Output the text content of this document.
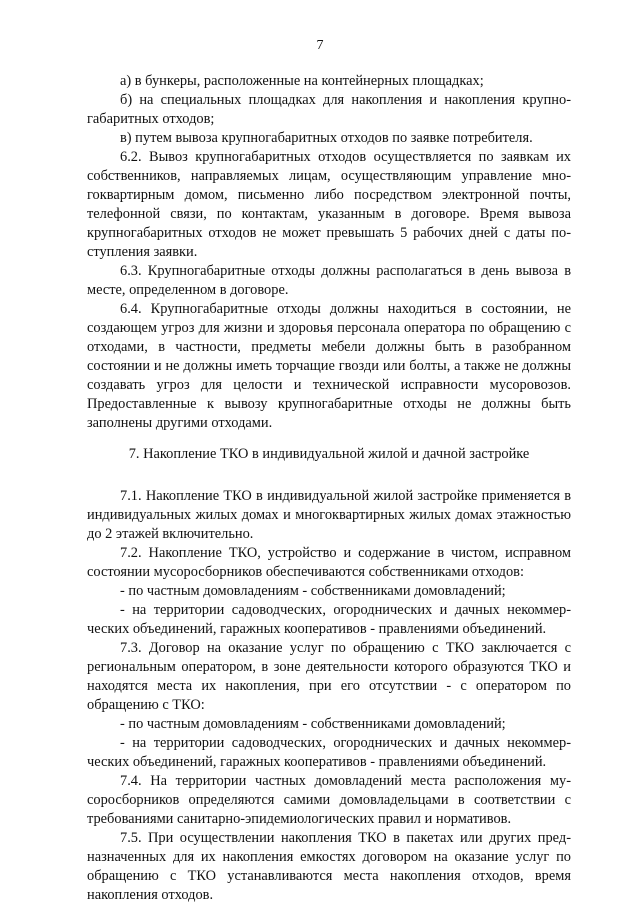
7

а) в бункеры, расположенные на контейнерных площадках;

б) на специальных площадках для накопления и накопления крупногабаритных отходов;

в) путем вывоза крупногабаритных отходов по заявке потребителя.

6.2. Вывоз крупногабаритных отходов осуществляется по заявкам их собственников, направляемых лицам, осуществляющим управление многоквартирным домом, письменно либо посредством электронной почты, телефонной связи, по контактам, указанным в договоре. Время вывоза крупногабаритных отходов не может превышать 5 рабочих дней с даты поступления заявки.

6.3. Крупногабаритные отходы должны располагаться в день вывоза в месте, определенном в договоре.

6.4. Крупногабаритные отходы должны находиться в состоянии, не создающем угроз для жизни и здоровья персонала оператора по обращению с отходами, в частности, предметы мебели должны быть в разобранном состоянии и не должны иметь торчащие гвозди или болты, а также не должны создавать угроз для целости и технической исправности мусоровозов. Предоставленные к вывозу крупногабаритные отходы не должны быть заполнены другими отходами.

7. Накопление ТКО в индивидуальной жилой и дачной застройке

7.1. Накопление ТКО в индивидуальной жилой застройке применяется в индивидуальных жилых домах и многоквартирных жилых домах этажностью до 2 этажей включительно.

7.2. Накопление ТКО, устройство и содержание в чистом, исправном состоянии мусоросборников обеспечиваются собственниками отходов:

- по частным домовладениям - собственниками домовладений;

- на территории садоводческих, огороднических и дачных некоммерческих объединений, гаражных кооперативов - правлениями объединений.

7.3. Договор на оказание услуг по обращению с ТКО заключается с региональным оператором, в зоне деятельности которого образуются ТКО и находятся места их накопления, при его отсутствии - с оператором по обращению с ТКО:

- по частным домовладениям - собственниками домовладений;

- на территории садоводческих, огороднических и дачных некоммерческих объединений, гаражных кооперативов - правлениями объединений.

7.4. На территории частных домовладений места расположения мусоросборников определяются самими домовладельцами в соответствии с требованиями санитарно-эпидемиологических правил и нормативов.

7.5. При осуществлении накопления ТКО в пакетах или других предназначенных для их накопления емкостях договором на оказание услуг по обращению с ТКО устанавливаются места накопления отходов, время накопления отходов.
